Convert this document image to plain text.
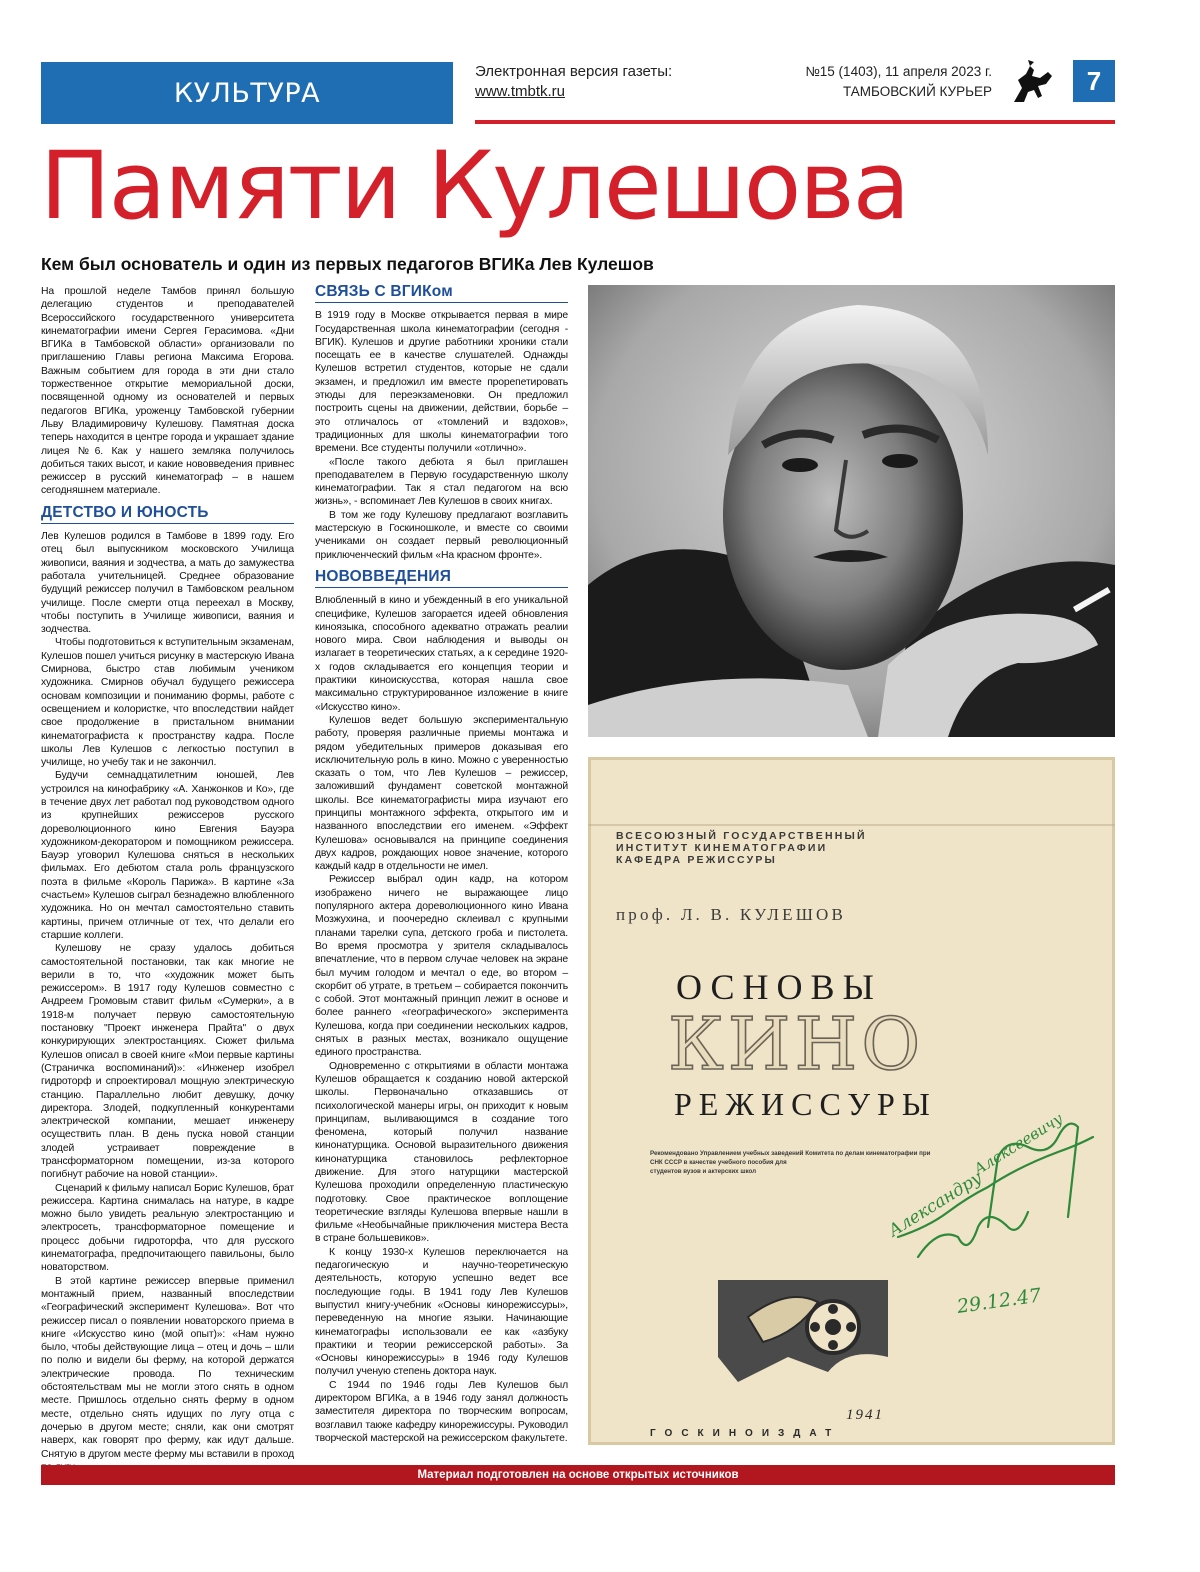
КУЛЬТУРА
Электронная версия газеты:
www.tmbtk.ru
№15 (1403), 11 апреля 2023 г.
ТАМБОВСКИЙ КУРЬЕР	7
Памяти Кулешова
Кем был основатель и один из первых педагогов ВГИКа Лев Кулешов

На прошлой неделе Тамбов принял большую делегацию студентов и преподавателей Всероссийского государственного университета кинематографии имени Сергея Герасимова. «Дни ВГИКа в Тамбовской области» организовали по приглашению Главы региона Максима Егорова. Важным событием для города в эти дни стало торжественное открытие мемориальной доски, посвященной одному из основателей и первых педагогов ВГИКа, уроженцу Тамбовской губернии Льву Владимировичу Кулешову. Памятная доска теперь находится в центре города и украшает здание лицея №6. Как у нашего земляка получилось добиться таких высот, и какие нововведения привнес режиссер в русский кинематограф – в нашем сегодняшнем материале.

ДЕТСТВО И ЮНОСТЬ

Лев Кулешов родился в Тамбове в 1899 году. Его отец был выпускником московского Училища живописи, ваяния и зодчества, а мать до замужества работала учительницей. Среднее образование будущий режиссер получил в Тамбовском реальном училище. После смерти отца переехал в Москву, чтобы поступить в Училище живописи, ваяния и зодчества.

Чтобы подготовиться к вступительным экзаменам, Кулешов пошел учиться рисунку в мастерскую Ивана Смирнова, быстро став любимым учеником художника. Смирнов обучал будущего режиссера основам композиции и пониманию формы, работе с освещением и колористке, что впоследствии найдет свое продолжение в пристальном внимании кинематографиста к пространству кадра. После школы Лев Кулешов с легкостью поступил в училище, но учебу так и не закончил.

Будучи семнадцатилетним юношей, Лев устроился на кинофабрику «А. Ханжонков и Ко», где в течение двух лет работал под руководством одного из крупнейших режиссеров русского дореволюционного кино Евгения Бауэра художником-декоратором и помощником режиссера. Бауэр уговорил Кулешова сняться в нескольких фильмах. Его дебютом стала роль французского поэта в фильме «Король Парижа». В картине «За счастьем» Кулешов сыграл безнадежно влюбленного художника. Но он мечтал самостоятельно ставить картины, причем отличные от тех, что делали его старшие коллеги.

Кулешову не сразу удалось добиться самостоятельной постановки, так как многие не верили в то, что «художник может быть режиссером». В 1917 году Кулешов совместно с Андреем Громовым ставит фильм «Сумерки», а в 1918-м получает первую самостоятельную постановку "Проект инженера Прайта" о двух конкурирующих электростанциях. Сюжет фильма Кулешов описал в своей книге «Мои первые картины (Страничка воспоминаний)»: «Инженер изобрел гидроторф и спроектировал мощную электрическую станцию. Параллельно любит девушку, дочку директора. Злодей, подкупленный конкурентами электрической компании, мешает инженеру осуществить план. В день пуска новой станции злодей устраивает повреждение в трансформаторном помещении, из-за которого погибнут рабочие на новой станции».

Сценарий к фильму написал Борис Кулешов, брат режиссера. Картина снималась на натуре, в кадре можно было увидеть реальную электростанцию и электросеть, трансформаторное помещение и процесс добычи гидроторфа, что для русского кинематографа, предпочитающего павильоны, было новаторством.

В этой картине режиссер впервые применил монтажный прием, названный впоследствии «Географический эксперимент Кулешова». Вот что режиссер писал о появлении новаторского приема в книге «Искусство кино (мой опыт)»: «Нам нужно было, чтобы действующие лица – отец и дочь – шли по полю и видели бы ферму, на которой держатся электрические провода. По техническим обстоятельствам мы не могли этого снять в одном месте. Пришлось отдельно снять ферму в одном месте, отдельно снять идущих по лугу отца с дочерью в другом месте; сняли, как они смотрят наверх, как говорят про ферму, как идут дальше. Снятую в другом месте ферму мы вставили в проход

СВЯЗЬ С ВГИКом

В 1919 году в Москве открывается первая в мире Государственная школа кинематографии (сегодня - ВГИК). Кулешов и другие работники хроники стали посещать ее в качестве слушателей. Однажды Кулешов встретил студентов, которые не сдали экзамен, и предложил им вместе прорепетировать этюды для переэкзаменовки. Он предложил построить сцены на движении, действии, борьбе – это отличалось от «томлений и вздохов», традиционных для школы кинематографии того времени. Все студенты получили «отлично».

«После такого дебюта я был приглашен преподавателем в Первую государственную школу кинематографии. Так я стал педагогом на всю жизнь», - вспоминает Лев Кулешов в своих книгах.

В том же году Кулешову предлагают возглавить мастерскую в Госкиношколе, и вместе со своими учениками он создает первый революционный приключенческий фильм «На красном фронте».

НОВОВВЕДЕНИЯ

Влюбленный в кино и убежденный в его уникальной специфике, Кулешов загорается идеей обновления киноязыка, способного адекватно отражать реалии нового мира. Свои наблюдения и выводы он излагает в теоретических статьях, а к середине 1920-х годов складывается его концепция теории и практики киноискусства, которая нашла свое максимально структурированное изложение в книге «Искусство кино».

Кулешов ведет большую экспериментальную работу, проверяя различные приемы монтажа и рядом убедительных примеров доказывая его исключительную роль в кино. Можно с уверенностью сказать о том, что Лев Кулешов – режиссер, заложивший фундамент советской монтажной школы. Все кинематографисты мира изучают его принципы монтажного эффекта, открытого им и названного впоследствии его именем. «Эффект Кулешова» основывался на принципе соединения двух кадров, рождающих новое значение, которого каждый кадр в отдельности не имел.

Режиссер выбрал один кадр, на котором изображено ничего не выражающее лицо популярного актера дореволюционного кино Ивана Мозжухина, и поочередно склеивал с крупными планами тарелки супа, детского гроба и пистолета. Во время просмотра у зрителя складывалось впечатление, что в первом случае человек на экране был мучим голодом и мечтал о еде, во втором – скорбит об утрате, в третьем – собирается покончить с собой. Этот монтажный принцип лежит в основе и более раннего «географического» эксперимента Кулешова, когда при соединении нескольких кадров, снятых в разных местах, возникало ощущение единого пространства.

Одновременно с открытиями в области монтажа Кулешов обращается к созданию новой актерской школы. Первоначально отказавшись от психологической манеры игры, он приходит к новым принципам, выливающимся в создание того феномена, который получил название кинонатурщика. Основой выразительного движения кинонатурщика становилось рефлекторное движение. Для этого натурщики мастерской Кулешова проходили определенную пластическую подготовку. Свое практическое воплощение теоретические взгляды Кулешова впервые нашли в фильме «Необычайные приключения мистера Веста в стране большевиков».

К концу 1930-х Кулешов переключается на педагогическую и научно-теоретическую деятельность, которую успешно ведет все последующие годы. В 1941 году Лев Кулешов выпустил книгу-учебник «Основы кинорежиссуры», переведенную на многие языки. Начинающие кинематографы использовали ее как «азбуку практики и теории режиссерской работы». За «Основы кинорежиссуры» в 1946 году Кулешов получил ученую степень доктора наук.

С 1944 по 1946 годы Лев Кулешов был директором ВГИКа, а в 1946 году занял должность заместителя директора по творческим вопросам, возглавил также кафедру кинорежиссуры. Руководил творческой мастерской на режиссерском факультете.

ВСЕСОЮЗНЫЙ ГОСУДАРСТВЕННЫЙ
ИНСТИТУТ КИНЕМАТОГРАФИИ
КАФЕДРА РЕЖИССУРЫ
проф. Л. В. КУЛЕШОВ
ОСНОВЫ
КИНО
РЕЖИССУРЫ
Рекомендовано Управлением учебных заведений Комитета по делам кинематографии при
СНК СССР в качестве учебного пособия для
студентов вузов и актерских школ	Александру
Алексеевичу
29.12.47
1941
ГОСКИНОИЗДАТ
Материал подготовлен на основе открытых источников
